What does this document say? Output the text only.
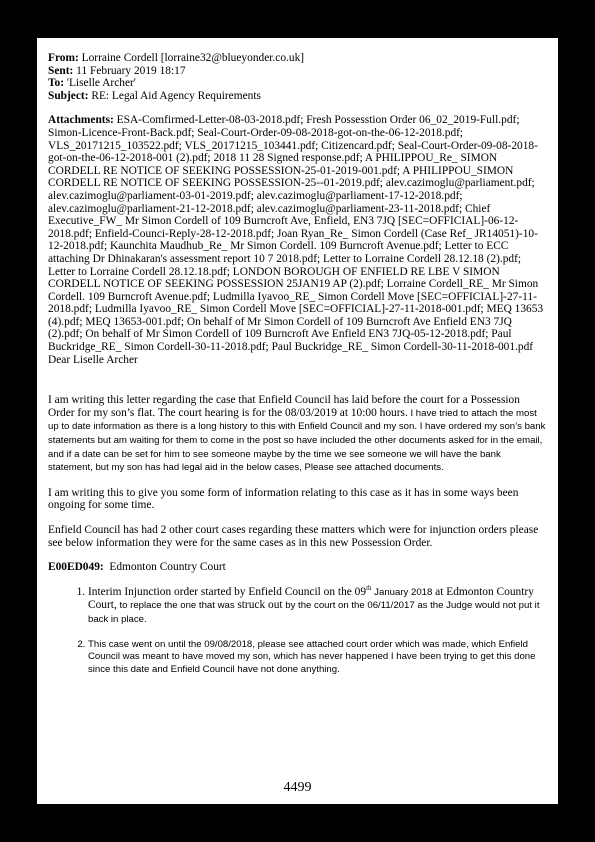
From: Lorraine Cordell [lorraine32@blueyonder.co.uk]
Sent: 11 February 2019 18:17
To: 'Liselle Archer'
Subject: RE: Legal Aid Agency Requirements
Attachments: ESA-Comfirmed-Letter-08-03-2018.pdf; Fresh Possesstion Order 06_02_2019-Full.pdf; Simon-Licence-Front-Back.pdf; Seal-Court-Order-09-08-2018-got-on-the-06-12-2018.pdf; VLS_20171215_103522.pdf; VLS_20171215_103441.pdf; Citizencard.pdf; Seal-Court-Order-09-08-2018-got-on-the-06-12-2018-001 (2).pdf; 2018 11 28 Signed response.pdf; A PHILIPPOU_Re_ SIMON CORDELL RE NOTICE OF SEEKING POSSESSION-25-01-2019-001.pdf; A PHILIPPOU_SIMON CORDELL RE NOTICE OF SEEKING POSSESSION-25--01-2019.pdf; alev.cazimoglu@parliament.pdf; alev.cazimoglu@parliament-03-01-2019.pdf; alev.cazimoglu@parliament-17-12-2018.pdf; alev.cazimoglu@parliament-21-12-2018.pdf; alev.cazimoglu@parliament-23-11-2018.pdf; Chief Executive_FW_ Mr Simon Cordell of 109 Burncroft Ave, Enfield, EN3 7JQ [SEC=OFFICIAL]-06-12-2018.pdf; Enfield-Counci-Reply-28-12-2018.pdf; Joan Ryan_Re_ Simon Cordell (Case Ref_ JR14051)-10-12-2018.pdf; Kaunchita Maudhub_Re_ Mr Simon Cordell. 109 Burncroft Avenue.pdf; Letter to ECC attaching Dr Dhinakaran's assessment report 10 7 2018.pdf; Letter to Lorraine Cordell 28.12.18 (2).pdf; Letter to Lorraine Cordell 28.12.18.pdf; LONDON BOROUGH OF ENFIELD RE LBE V SIMON CORDELL NOTICE OF SEEKING POSSESSION 25JAN19 AP (2).pdf; Lorraine Cordell_RE_ Mr Simon Cordell. 109 Burncroft Avenue.pdf; Ludmilla Iyavoo_RE_ Simon Cordell Move [SEC=OFFICIAL]-27-11-2018.pdf; Ludmilla Iyavoo_RE_ Simon Cordell Move [SEC=OFFICIAL]-27-11-2018-001.pdf; MEQ 13653 (4).pdf; MEQ 13653-001.pdf; On behalf of Mr Simon Cordell of 109 Burncroft Ave Enfield EN3 7JQ (2).pdf; On behalf of Mr Simon Cordell of 109 Burncroft Ave Enfield EN3 7JQ-05-12-2018.pdf; Paul Buckridge_RE_ Simon Cordell-30-11-2018.pdf; Paul Buckridge_RE_ Simon Cordell-30-11-2018-001.pdf
Dear Liselle Archer

I am writing this letter regarding the case that Enfield Council has laid before the court for a Possession Order for my son’s flat. The court hearing is for the 08/03/2019 at 10:00 hours. I have tried to attach the most up to date information as there is a long history to this with Enfield Council and my son. I have ordered my son’s bank statements but am waiting for them to come in the post so have included the other documents asked for in the email, and if a date can be set for him to see someone maybe by the time we see someone we will have the bank statement, but my son has had legal aid in the below cases, Please see attached documents.

I am writing this to give you some form of information relating to this case as it has in some ways been ongoing for some time.

Enfield Council has had 2 other court cases regarding these matters which were for injunction orders please see below information they were for the same cases as in this new Possession Order.

E00ED049: Edmonton Country Court
1. Interim Injunction order started by Enfield Council on the 09th January 2018 at Edmonton Country Court, to replace the one that was struck out by the court on the 06/11/2017 as the Judge would not put it back in place.
2. This case went on until the 09/08/2018, please see attached court order which was made, which Enfield Council was meant to have moved my son, which has never happened I have been trying to get this done since this date and Enfield Council have not done anything.
4499
